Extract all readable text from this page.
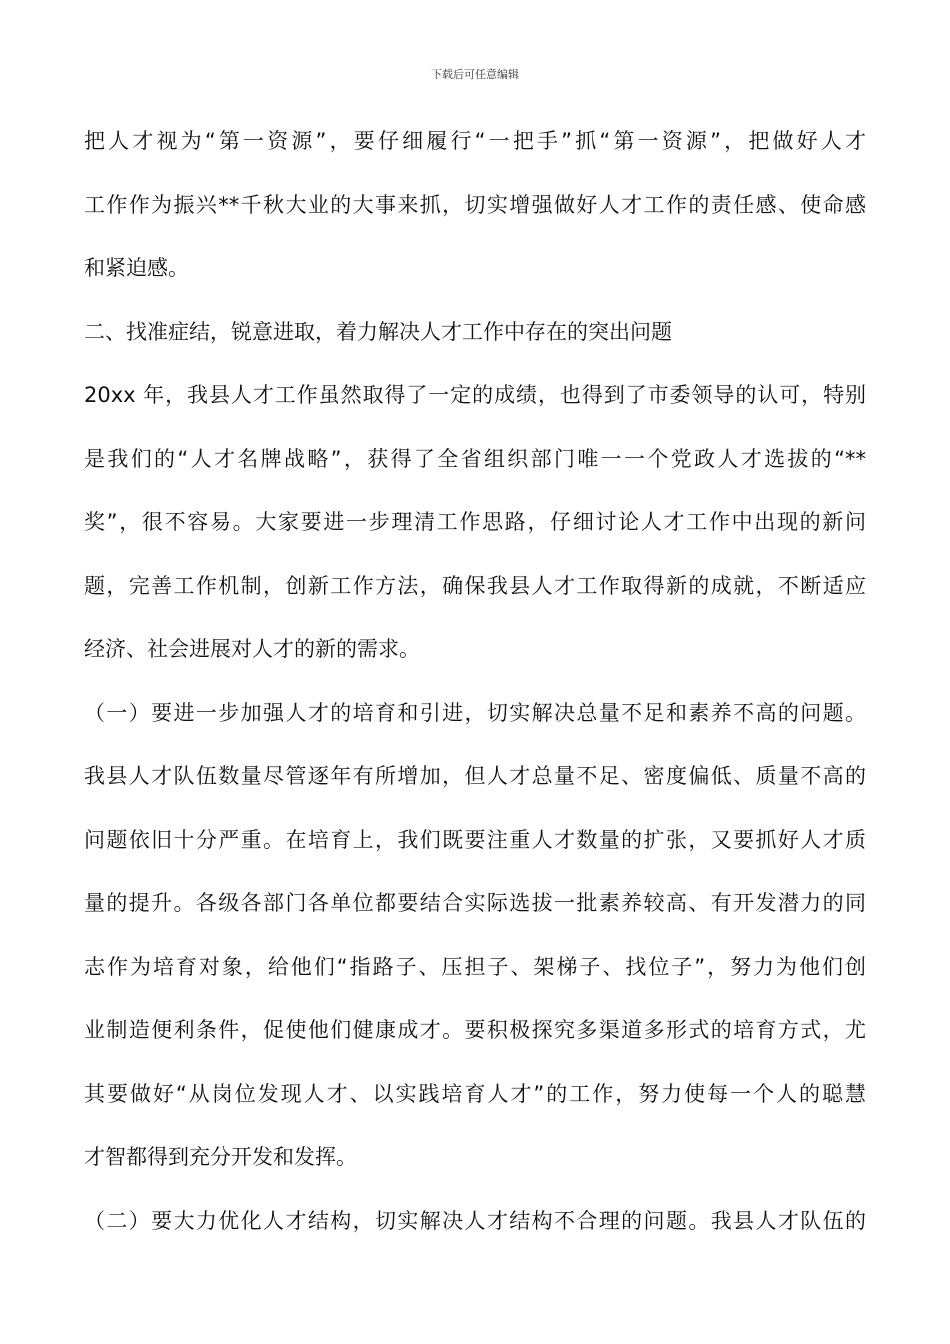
下载后可任意编辑
把人才视为“第一资源”，要仔细履行“一把手”抓“第一资源”，把做好人才
工作作为振兴**千秋大业的大事来抓，切实增强做好人才工作的责任感、使命感
和紧迫感。
二、找准症结，锐意进取，着力解决人才工作中存在的突出问题
20xx 年，我县人才工作虽然取得了一定的成绩，也得到了市委领导的认可，特别
是我们的“人才名牌战略”，获得了全省组织部门唯一一个党政人才选拔的“**
奖”，很不容易。大家要进一步理清工作思路，仔细讨论人才工作中出现的新问
题，完善工作机制，创新工作方法，确保我县人才工作取得新的成就，不断适应
经济、社会进展对人才的新的需求。
（一）要进一步加强人才的培育和引进，切实解决总量不足和素养不高的问题。
我县人才队伍数量尽管逐年有所增加，但人才总量不足、密度偏低、质量不高的
问题依旧十分严重。在培育上，我们既要注重人才数量的扩张，又要抓好人才质
量的提升。各级各部门各单位都要结合实际选拔一批素养较高、有开发潜力的同
志作为培育对象，给他们“指路子、压担子、架梯子、找位子”，努力为他们创
业制造便利条件，促使他们健康成才。要积极探究多渠道多形式的培育方式，尤
其要做好“从岗位发现人才、以实践培育人才”的工作，努力使每一个人的聪慧
才智都得到充分开发和发挥。
（二）要大力优化人才结构，切实解决人才结构不合理的问题。我县人才队伍的
